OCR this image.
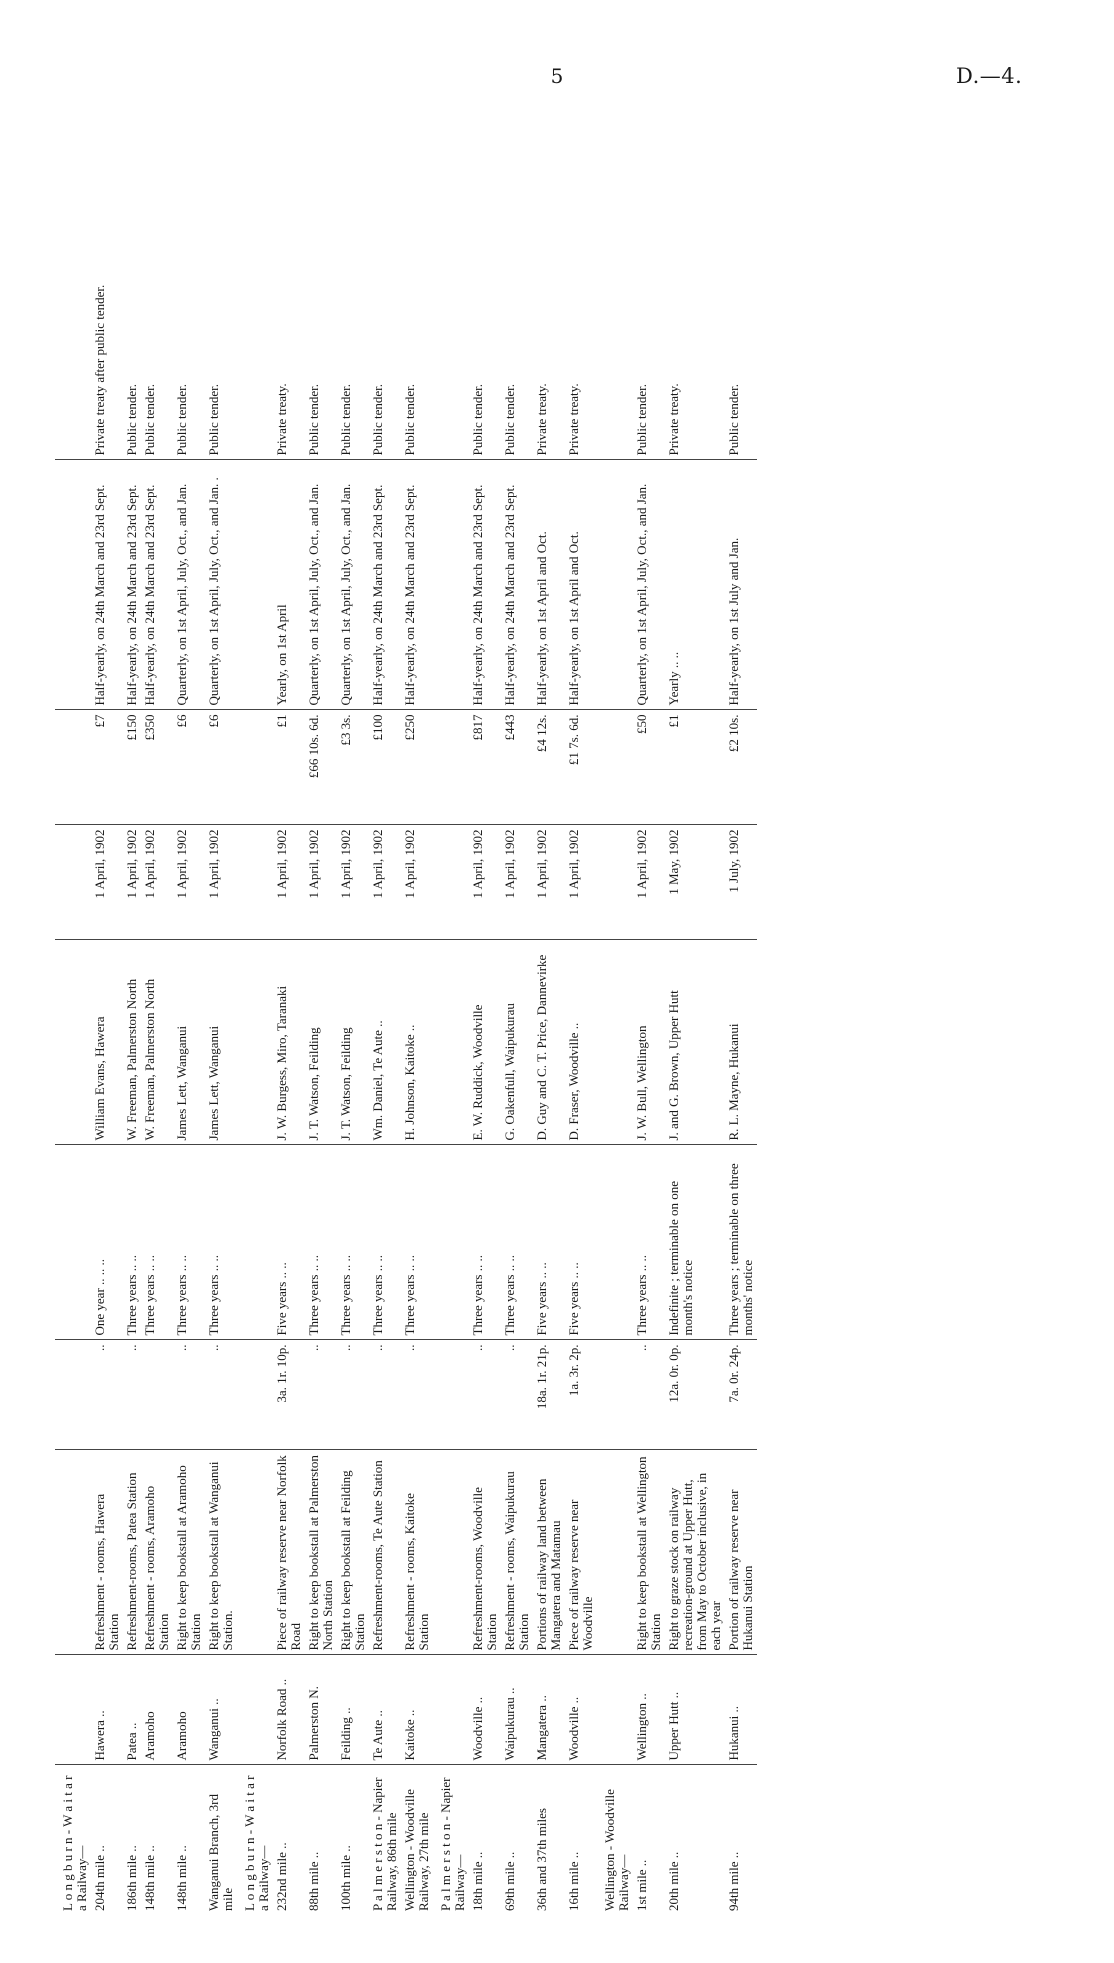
5	D.—4.
L o n g b u r n - W a i t a r a Railway—									
204th mile ..	Hawera ..	Refreshment - rooms, Hawera Station	..	One year .. .. ..	William Evans, Hawera	1 April, 1902	£7	Half-yearly, on 24th March and 23rd Sept.	Private treaty after public tender.
186th mile ..	Patea ..	Refreshment-rooms, Patea Station	..	Three years .. ..	W. Freeman, Palmerston North	1 April, 1902	£150	Half-yearly, on 24th March and 23rd Sept.	Public tender.
148th mile ..	Aramoho	Refreshment - rooms, Aramoho Station		Three years .. ..	W. Freeman, Palmerston North	1 April, 1902	£350	Half-yearly, on 24th March and 23rd Sept.	Public tender.
148th mile ..	Aramoho	Right to keep bookstall at Aramoho Station	..	Three years .. ..	James Lett, Wanganui	1 April, 1902	£6	Quarterly, on 1st April, July, Oct., and Jan.	Public tender.
Wanganui Branch, 3rd mile	Wanganui ..	Right to keep bookstall at Wanganui Station.	..	Three years .. ..	James Lett, Wanganui	1 April, 1902	£6	Quarterly, on 1st April, July, Oct., and Jan. .	Public tender.
L o n g b u r n - W a i t a r a Railway—									
232nd mile ..	Norfolk Road ..	Piece of railway reserve near Norfolk Road	3a. 1r. 10p.	Five years .. ..	J. W. Burgess, Miro, Taranaki	1 April, 1902	£1	Yearly, on 1st April	Private treaty.
88th mile ..	Palmerston N.	Right to keep bookstall at Palmerston North Station	..	Three years .. ..	J. T. Watson, Feilding	1 April, 1902	£66 10s. 6d.	Quarterly, on 1st April, July, Oct., and Jan.	Public tender.
100th mile ..	Feilding ..	Right to keep bookstall at Feilding Station	..	Three years .. ..	J. T. Watson, Feilding	1 April, 1902	£3 3s.	Quarterly, on 1st April, July, Oct., and Jan.	Public tender.
P a l m e r s t o n - Napier Railway, 86th mile	Te Aute ..	Refreshment-rooms, Te Aute Station	..	Three years .. ..	Wm. Daniel, Te Aute ..	1 April, 1902	£100	Half-yearly, on 24th March and 23rd Sept.	Public tender.
Wellington - Woodville Railway, 27th mile	Kaitoke ..	Refreshment - rooms, Kaitoke Station	..	Three years .. ..	H. Johnson, Kaitoke ..	1 April, 1902	£250	Half-yearly, on 24th March and 23rd Sept.	Public tender.
P a l m e r s t o n - Napier Railway—									
18th mile ..	Woodville ..	Refreshment-rooms, Woodville Station	..	Three years .. ..	E. W. Ruddick, Woodville	1 April, 1902	£817	Half-yearly, on 24th March and 23rd Sept.	Public tender.
69th mile ..	Waipukurau ..	Refreshment - rooms, Waipukurau Station	..	Three years .. ..	G. Oakenfull, Waipukurau	1 April, 1902	£443	Half-yearly, on 24th March and 23rd Sept.	Public tender.
36th and 37th miles	Mangatera ..	Portions of railway land between Mangatera and Matamau	18a. 1r. 21p.	Five years .. ..	D. Guy and C. T. Price, Dannevirke	1 April, 1902	£4 12s.	Half-yearly, on 1st April and Oct.	Private treaty.
16th mile ..	Woodville ..	Piece of railway reserve near Woodville	1a. 3r. 2p.	Five years .. ..	D. Fraser, Woodville ..	1 April, 1902	£1 7s. 6d.	Half-yearly, on 1st April and Oct.	Private treaty.
Wellington - Woodville Railway—									
1st mile ..	Wellington ..	Right to keep bookstall at Wellington Station	..	Three years .. ..	J. W. Bull, Wellington	1 April, 1902	£50	Quarterly, on 1st April, July, Oct., and Jan.	Public tender.
20th mile ..	Upper Hutt ..	Right to graze stock on railway recreation-ground at Upper Hutt, from May to October inclusive, in each year	12a. 0r. 0p.	Indefinite ; terminable on one month's notice	J. and G. Brown, Upper Hutt	1 May, 1902	£1	Yearly .. ..	Private treaty.
94th mile ..	Hukanui ..	Portion of railway reserve near Hukanui Station	7a. 0r. 24p.	Three years ; terminable on three months' notice	R. L. Mayne, Hukanui	1 July, 1902	£2 10s.	Half-yearly, on 1st July and Jan.	Public tender.
